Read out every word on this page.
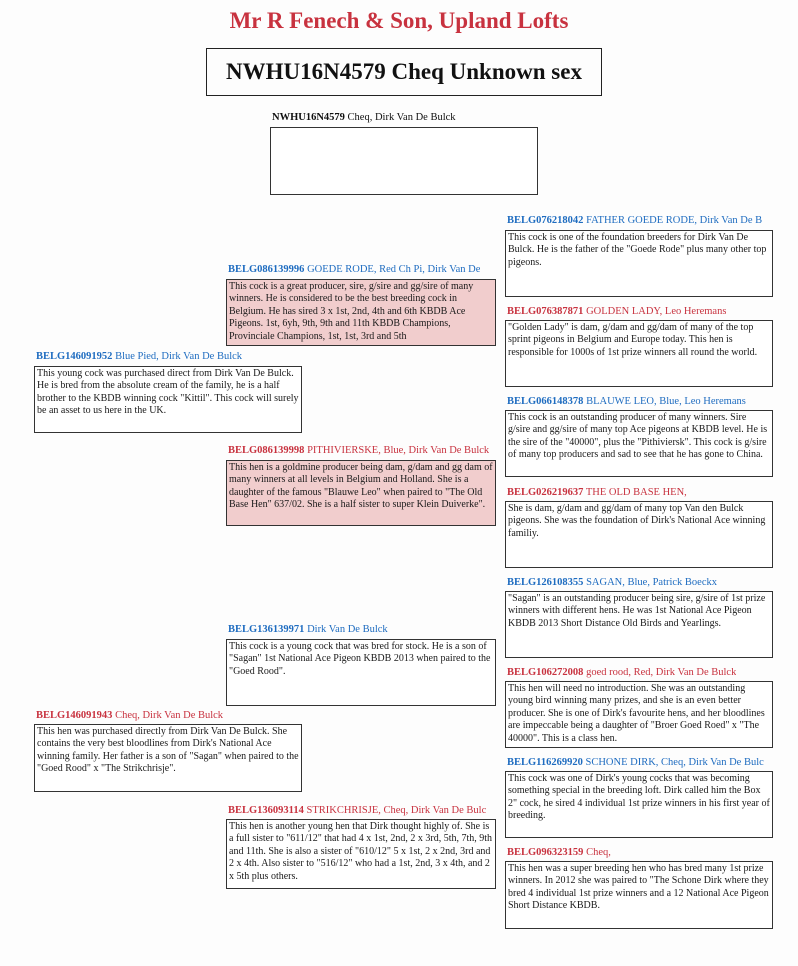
Mr R Fenech & Son, Upland Lofts
NWHU16N4579 Cheq Unknown sex
NWHU16N4579 Cheq, Dirk Van De Bulck
BELG146091952 Blue Pied, Dirk Van De Bulck
This young cock was purchased direct from Dirk Van De Bulck. He is bred from the absolute cream of the family, he is a half brother to the KBDB winning cock "Kittil". This cock will surely be an asset to us here in the UK.
BELG146091943 Cheq, Dirk Van De Bulck
This hen was purchased directly from Dirk Van De Bulck. She contains the very best bloodlines from Dirk's National Ace winning family. Her father is a son of "Sagan" when paired to the "Goed Rood" x "The Strikchrisje".
BELG086139996 GOEDE RODE, Red Ch Pi, Dirk Van De
This cock is a great producer, sire, g/sire and gg/sire of many winners. He is considered to be the best breeding cock in Belgium. He has sired 3 x 1st, 2nd, 4th and 6th KBDB Ace Pigeons. 1st, 6yh, 9th, 9th and 11th KBDB Champions, Provinciale Champions, 1st, 1st, 3rd and 5th
BELG086139998 PITHIVIERSKE, Blue, Dirk Van De Bulck
This hen is a goldmine producer being dam, g/dam and gg dam of many winners at all levels in Belgium and Holland. She is a daughter of the famous "Blauwe Leo" when paired to "The Old Base Hen" 637/02. She is a half sister to super Klein Duiverke".
BELG136139971 Dirk Van De Bulck
This cock is a young cock that was bred for stock. He is a son of "Sagan" 1st National Ace Pigeon KBDB 2013 when paired to the "Goed Rood".
BELG136093114 STRIKCHRISJE, Cheq, Dirk Van De Bulc
This hen is another young hen that Dirk thought highly of. She is a full sister to "611/12" that had 4 x 1st, 2nd, 2 x 3rd, 5th, 7th, 9th and 11th. She is also a sister of "610/12" 5 x 1st, 2 x 2nd, 3rd and 2 x 4th. Also sister to "516/12" who had a 1st, 2nd, 3 x 4th, and 2 x 5th plus others.
BELG076218042 FATHER GOEDE RODE, Dirk Van De B
This cock is one of the foundation breeders for Dirk Van De Bulck. He is the father of the "Goede Rode" plus many other top pigeons.
BELG076387871 GOLDEN LADY, Leo Heremans
"Golden Lady" is dam, g/dam and gg/dam of many of the top sprint pigeons in Belgium and Europe today. This hen is responsible for 1000s of 1st prize winners all round the world.
BELG066148378 BLAUWE LEO, Blue, Leo Heremans
This cock is an outstanding producer of many winners. Sire g/sire and gg/sire of many top Ace pigeons at KBDB level. He is the sire of the "40000", plus the "Pithiviersk". This cock is g/sire of many top producers and sad to see that he has gone to China.
BELG026219637 THE OLD BASE HEN,
She is dam, g/dam and gg/dam of many top Van den Bulck pigeons. She was the foundation of Dirk's National Ace winning familiy.
BELG126108355 SAGAN, Blue, Patrick Boeckx
"Sagan" is an outstanding producer being sire, g/sire of 1st prize winners with different hens. He was 1st National Ace Pigeon KBDB 2013 Short Distance Old Birds and Yearlings.
BELG106272008 goed rood, Red, Dirk Van De Bulck
This hen will need no introduction. She was an outstanding young bird winning many prizes, and she is an even better producer. She is one of Dirk's favourite hens, and her bloodlines are impeccable being a daughter of "Broer Goed Roed" x "The 40000". This is a class hen.
BELG116269920 SCHONE DIRK, Cheq, Dirk Van De Bulc
This cock was one of Dirk's young cocks that was becoming something special in the breeding loft. Dirk called him the Box 2" cock, he sired 4 individual 1st prize winners in his first year of breeding.
BELG096323159 Cheq,
This hen was a super breeding hen who has bred many 1st prize winners. In 2012 she was paired to "The Schone Dirk where they bred 4 individual 1st prize winners and a 12 National Ace Pigeon Short Distance KBDB.
